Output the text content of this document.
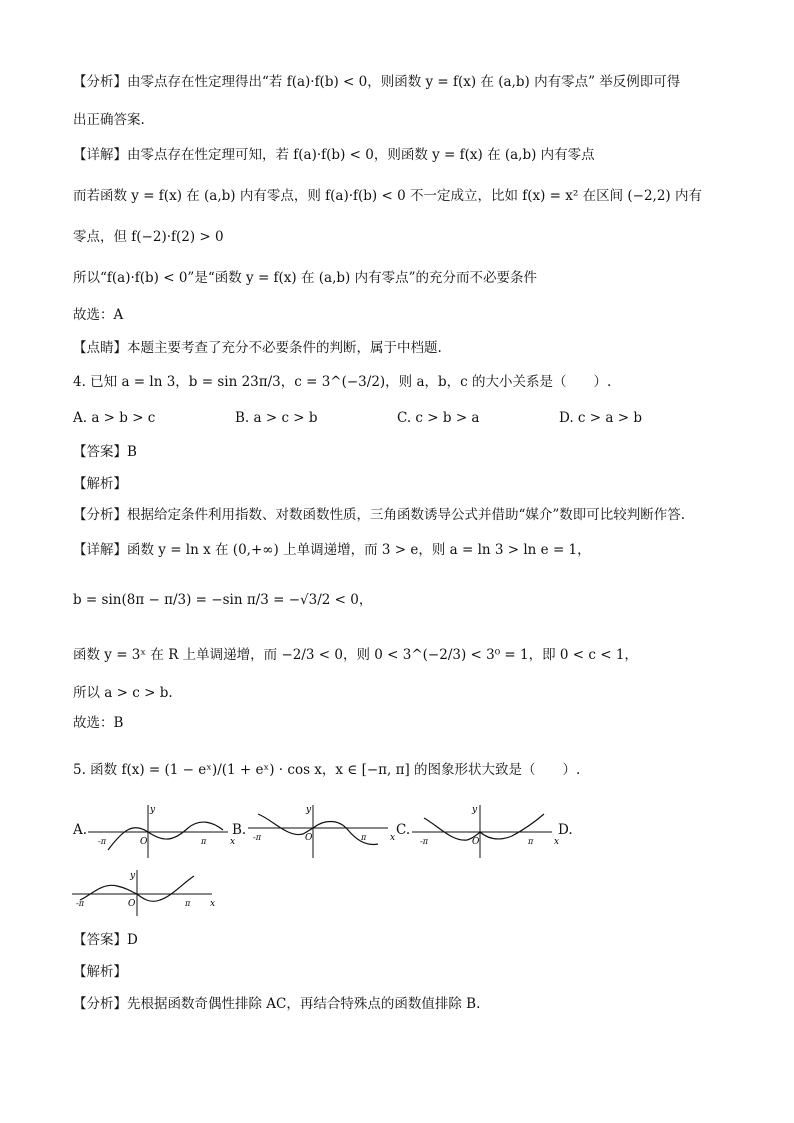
【分析】由零点存在性定理得出“若 f(a)·f(b) < 0，则函数 y = f(x) 在 (a,b) 内有零点” 举反例即可得
出正确答案.
【详解】由零点存在性定理可知，若 f(a)·f(b) < 0，则函数 y = f(x) 在 (a,b) 内有零点
而若函数 y = f(x) 在 (a,b) 内有零点，则 f(a)·f(b) < 0 不一定成立，比如 f(x) = x² 在区间 (−2,2) 内有
零点，但 f(−2)·f(2) > 0
所以“f(a)·f(b) < 0”是“函数 y = f(x) 在 (a,b) 内有零点”的充分而不必要条件
故选：A
【点睛】本题主要考查了充分不必要条件的判断，属于中档题.
4. 已知 a = ln 3，b = sin 23π/3，c = 3^(−3/2)，则 a，b，c 的大小关系是（　　）.
A. a > b > c	B. a > c > b	C. c > b > a	D. c > a > b
【答案】B
【解析】
【分析】根据给定条件利用指数、对数函数性质，三角函数诱导公式并借助“媒介”数即可比较判断作答.
【详解】函数 y = ln x 在 (0,+∞) 上单调递增，而 3 > e，则 a = ln 3 > ln e = 1，
b = sin(8π − π/3) = −sin π/3 = −√3/2 < 0，
函数 y = 3ˣ 在 R 上单调递增，而 −2/3 < 0，则 0 < 3^(−2/3) < 3⁰ = 1，即 0 < c < 1，
所以 a > c > b.
故选：B
5. 函数 f(x) = (1 − eˣ)/(1 + eˣ) · cos x，x ∈ [−π, π] 的图象形状大致是（　　）.
A.
-π	π
O
y
x
B. -π	π
O
y
x C.
-π	π
O
y
x
D.
-π	π
O
y
x
【答案】D
【解析】
【分析】先根据函数奇偶性排除 AC，再结合特殊点的函数值排除 B.
